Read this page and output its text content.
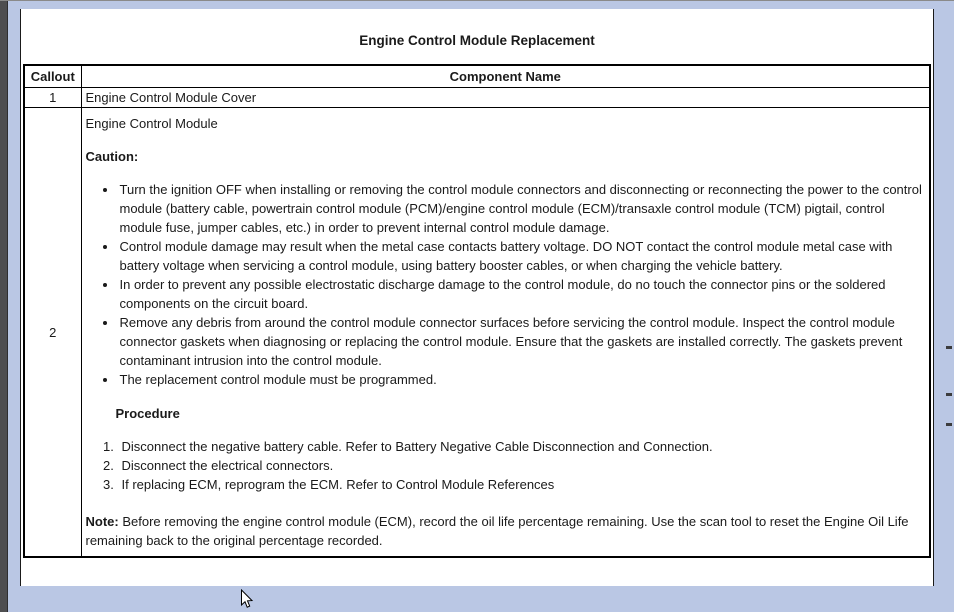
Engine Control Module Replacement
Callout	Component Name
1	Engine Control Module Cover
2	
Engine Control Module
Caution:
• Turn the ignition OFF when installing or removing the control module connectors and disconnecting or reconnecting the power to the control module (battery cable, powertrain control module (PCM)/engine control module (ECM)/transaxle control module (TCM) pigtail, control module fuse, jumper cables, etc.) in order to prevent internal control module damage.
• Control module damage may result when the metal case contacts battery voltage. DO NOT contact the control module metal case with battery voltage when servicing a control module, using battery booster cables, or when charging the vehicle battery.
• In order to prevent any possible electrostatic discharge damage to the control module, do no touch the connector pins or the soldered components on the circuit board.
• Remove any debris from around the control module connector surfaces before servicing the control module. Inspect the control module connector gaskets when diagnosing or replacing the control module. Ensure that the gaskets are installed correctly. The gaskets prevent contaminant intrusion into the control module.
• The replacement control module must be programmed.
Procedure
1. Disconnect the negative battery cable. Refer to Battery Negative Cable Disconnection and Connection.
2. Disconnect the electrical connectors.
3. If replacing ECM, reprogram the ECM. Refer to Control Module References
Note: Before removing the engine control module (ECM), record the oil life percentage remaining. Use the scan tool to reset the Engine Oil Life remaining back to the original percentage recorded.
